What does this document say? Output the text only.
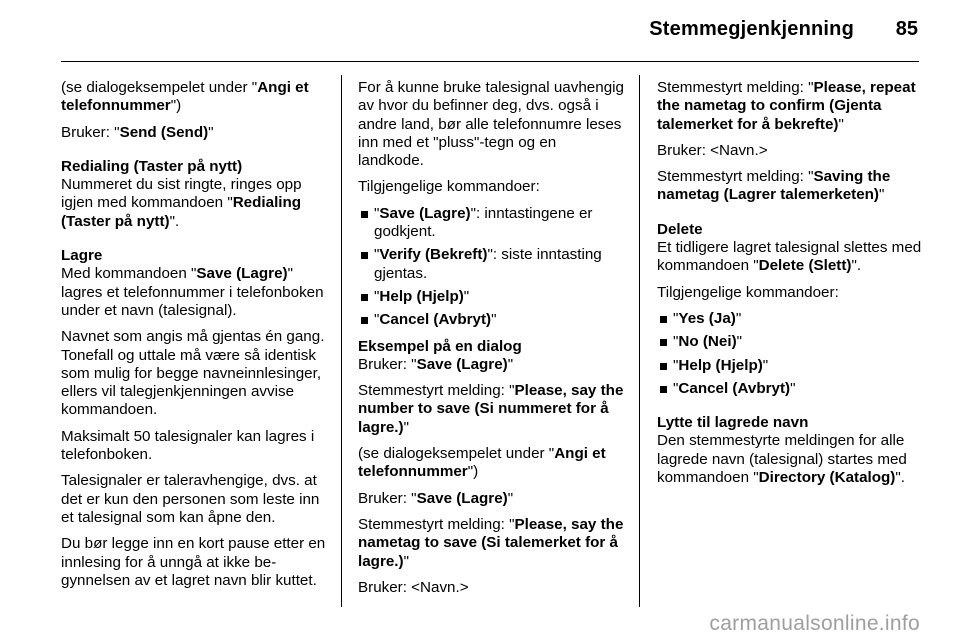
Stemmegjenkjenning 85

(se dialogeksempelet under "Angi et telefonnummer")

Bruker: "Send (Send)"

Redialing (Taster på nytt)
Nummeret du sist ringte, ringes opp igjen med kommandoen "Redialing (Taster på nytt)".

Lagre
Med kommandoen "Save (Lagre)" lagres et telefonnummer i telefonboken under et navn (talesignal).

Navnet som angis må gjentas én gang. Tonefall og uttale må være så identisk som mulig for begge navneinnlesinger, ellers vil talegjenkjenningen avvise kommandoen.

Maksimalt 50 talesignaler kan lagres i telefonboken.

Talesignaler er taleravhengige, dvs. at det er kun den personen som leste inn et talesignal som kan åpne den.

Du bør legge inn en kort pause etter en innlesing for å unngå at ikke begynnelsen av et lagret navn blir kuttet.

For å kunne bruke talesignal uavhengig av hvor du befinner deg, dvs. også i andre land, bør alle telefonnumre leses inn med et "pluss"-tegn og en landkode.

Tilgjengelige kommandoer:

"Save (Lagre)": inntastingene er godkjent.
"Verify (Bekreft)": siste inntasting gjentas.
"Help (Hjelp)"
"Cancel (Avbryt)"

Eksempel på en dialog
Bruker: "Save (Lagre)"

Stemmestyrt melding: "Please, say the number to save (Si nummeret for å lagre.)"

(se dialogeksempelet under "Angi et telefonnummer")

Bruker: "Save (Lagre)"

Stemmestyrt melding: "Please, say the nametag to save (Si talemerket for å lagre.)"

Bruker: <Navn.>

Stemmestyrt melding: "Please, repeat the nametag to confirm (Gjenta talemerket for å bekrefte)"

Bruker: <Navn.>

Stemmestyrt melding: "Saving the nametag (Lagrer talemerketen)"

Delete
Et tidligere lagret talesignal slettes med kommandoen "Delete (Slett)".

Tilgjengelige kommandoer:

"Yes (Ja)"
"No (Nei)"
"Help (Hjelp)"
"Cancel (Avbryt)"

Lytte til lagrede navn
Den stemmestyrte meldingen for alle lagrede navn (talesignal) startes med kommandoen "Directory (Katalog)".

carmanualsonline.info
